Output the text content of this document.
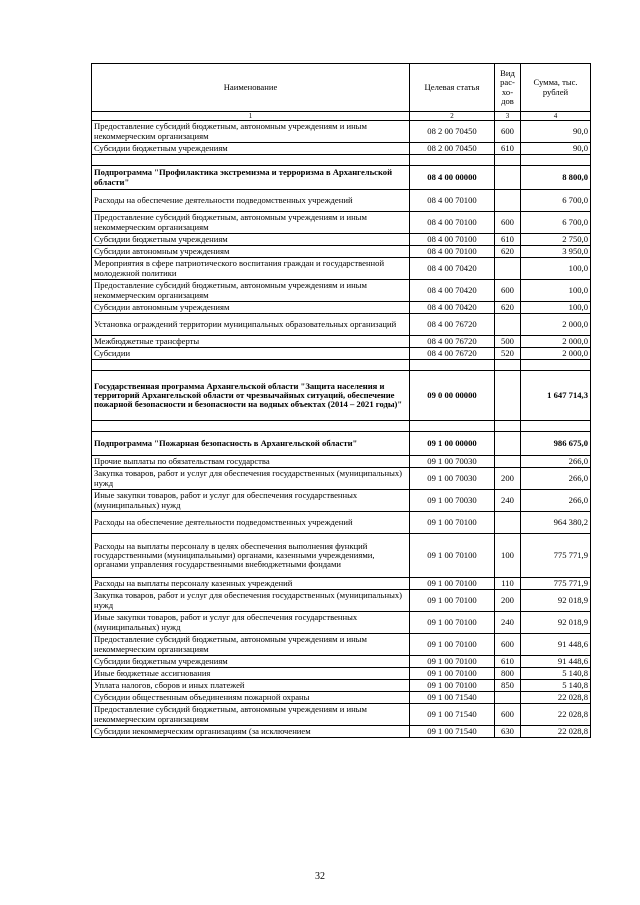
Наименование	Целевая статья	Вид рас-хо-дов	Сумма, тыс. рублей
1	2	3	4
Предоставление субсидий бюджетным, автономным учреждениям и иным некоммерческим организациям	08 2 00 70450	600	90,0
Субсидии бюджетным учреждениям	08 2 00 70450	610	90,0

Подпрограмма "Профилактика экстремизма и терроризма в Архангельской области"	08 4 00 00000		8 800,0
Расходы на обеспечение деятельности подведомственных учреждений	08 4 00 70100		6 700,0
Предоставление субсидий бюджетным, автономным учреждениям и иным некоммерческим организациям	08 4 00 70100	600	6 700,0
Субсидии бюджетным учреждениям	08 4 00 70100	610	2 750,0
Субсидии автономным учреждениям	08 4 00 70100	620	3 950,0
Мероприятия в сфере патриотического воспитания граждан и государственной молодежной политики	08 4 00 70420		100,0
Предоставление субсидий бюджетным, автономным учреждениям и иным некоммерческим организациям	08 4 00 70420	600	100,0
Субсидии автономным учреждениям	08 4 00 70420	620	100,0
Установка ограждений территории муниципальных образовательных организаций	08 4 00 76720		2 000,0
Межбюджетные трансферты	08 4 00 76720	500	2 000,0
Субсидии	08 4 00 76720	520	2 000,0

Государственная программа Архангельской области "Защита населения и территорий Архангельской области от чрезвычайных ситуаций, обеспечение пожарной безопасности и безопасности на водных объектах (2014 – 2021 годы)"	09 0 00 00000		1 647 714,3

Подпрограмма "Пожарная безопасность в Архангельской области"	09 1 00 00000		986 675,0
Прочие выплаты по обязательствам государства	09 1 00 70030		266,0
Закупка товаров, работ и услуг для обеспечения государственных (муниципальных) нужд	09 1 00 70030	200	266,0
Иные закупки товаров, работ и услуг для обеспечения государственных (муниципальных) нужд	09 1 00 70030	240	266,0
Расходы на обеспечение деятельности подведомственных учреждений	09 1 00 70100		964 380,2
Расходы на выплаты персоналу в целях обеспечения выполнения функций государственными (муниципальными) органами, казенными учреждениями, органами управления государственными внебюджетными фондами	09 1 00 70100	100	775 771,9
Расходы на выплаты персоналу казенных учреждений	09 1 00 70100	110	775 771,9
Закупка товаров, работ и услуг для обеспечения государственных (муниципальных) нужд	09 1 00 70100	200	92 018,9
Иные закупки товаров, работ и услуг для обеспечения государственных (муниципальных) нужд	09 1 00 70100	240	92 018,9
Предоставление субсидий бюджетным, автономным учреждениям и иным некоммерческим организациям	09 1 00 70100	600	91 448,6
Субсидии бюджетным учреждениям	09 1 00 70100	610	91 448,6
Иные бюджетные ассигнования	09 1 00 70100	800	5 140,8
Уплата налогов, сборов и иных платежей	09 1 00 70100	850	5 140,8
Субсидии общественным объединениям пожарной охраны	09 1 00 71540		22 028,8
Предоставление субсидий бюджетным, автономным учреждениям и иным некоммерческим организациям	09 1 00 71540	600	22 028,8
Субсидии некоммерческим организациям (за исключением	09 1 00 71540	630	22 028,8
32
